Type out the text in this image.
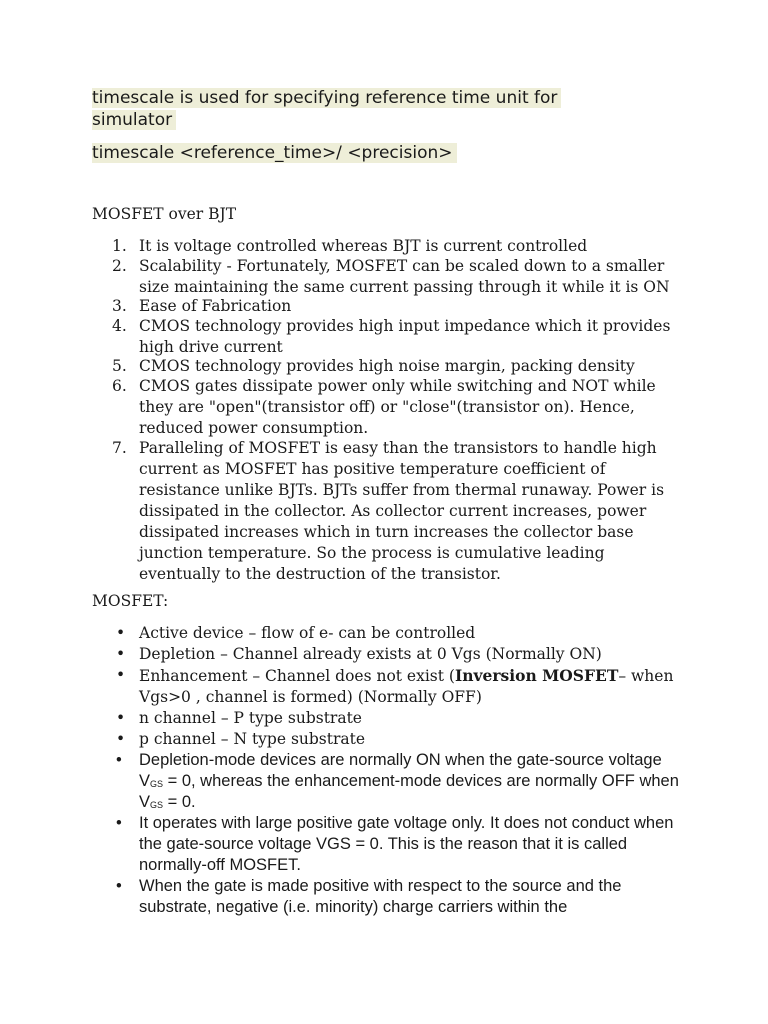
timescale is used for specifying reference time unit for simulator
timescale <reference_time>/ <precision>
MOSFET over BJT
1. It is voltage controlled whereas BJT is current controlled
2. Scalability - Fortunately, MOSFET can be scaled down to a smaller size maintaining the same current passing through it while it is ON
3. Ease of Fabrication
4. CMOS technology provides high input impedance which it provides high drive current
5. CMOS technology provides high noise margin, packing density
6. CMOS gates dissipate power only while switching and NOT while they are "open"(transistor off) or "close"(transistor on). Hence, reduced power consumption.
7. Paralleling of MOSFET is easy than the transistors to handle high current as MOSFET has positive temperature coefficient of resistance unlike BJTs. BJTs suffer from thermal runaway. Power is dissipated in the collector. As collector current increases, power dissipated increases which in turn increases the collector base junction temperature. So the process is cumulative leading eventually to the destruction of the transistor.
MOSFET:
• Active device – flow of e- can be controlled
• Depletion – Channel already exists at 0 Vgs (Normally ON)
• Enhancement – Channel does not exist (Inversion MOSFET– when Vgs>0 , channel is formed) (Normally OFF)
• n channel – P type substrate
• p channel – N type substrate
• Depletion-mode devices are normally ON when the gate-source voltage $V_{GS} = 0$, whereas the enhancement-mode devices are normally OFF when $V_{GS} = 0$.
• It operates with large positive gate voltage only. It does not conduct when the gate-source voltage VGS = 0. This is the reason that it is called normally-off MOSFET.
• When the gate is made positive with respect to the source and the substrate, negative (i.e. minority) charge carriers within the
